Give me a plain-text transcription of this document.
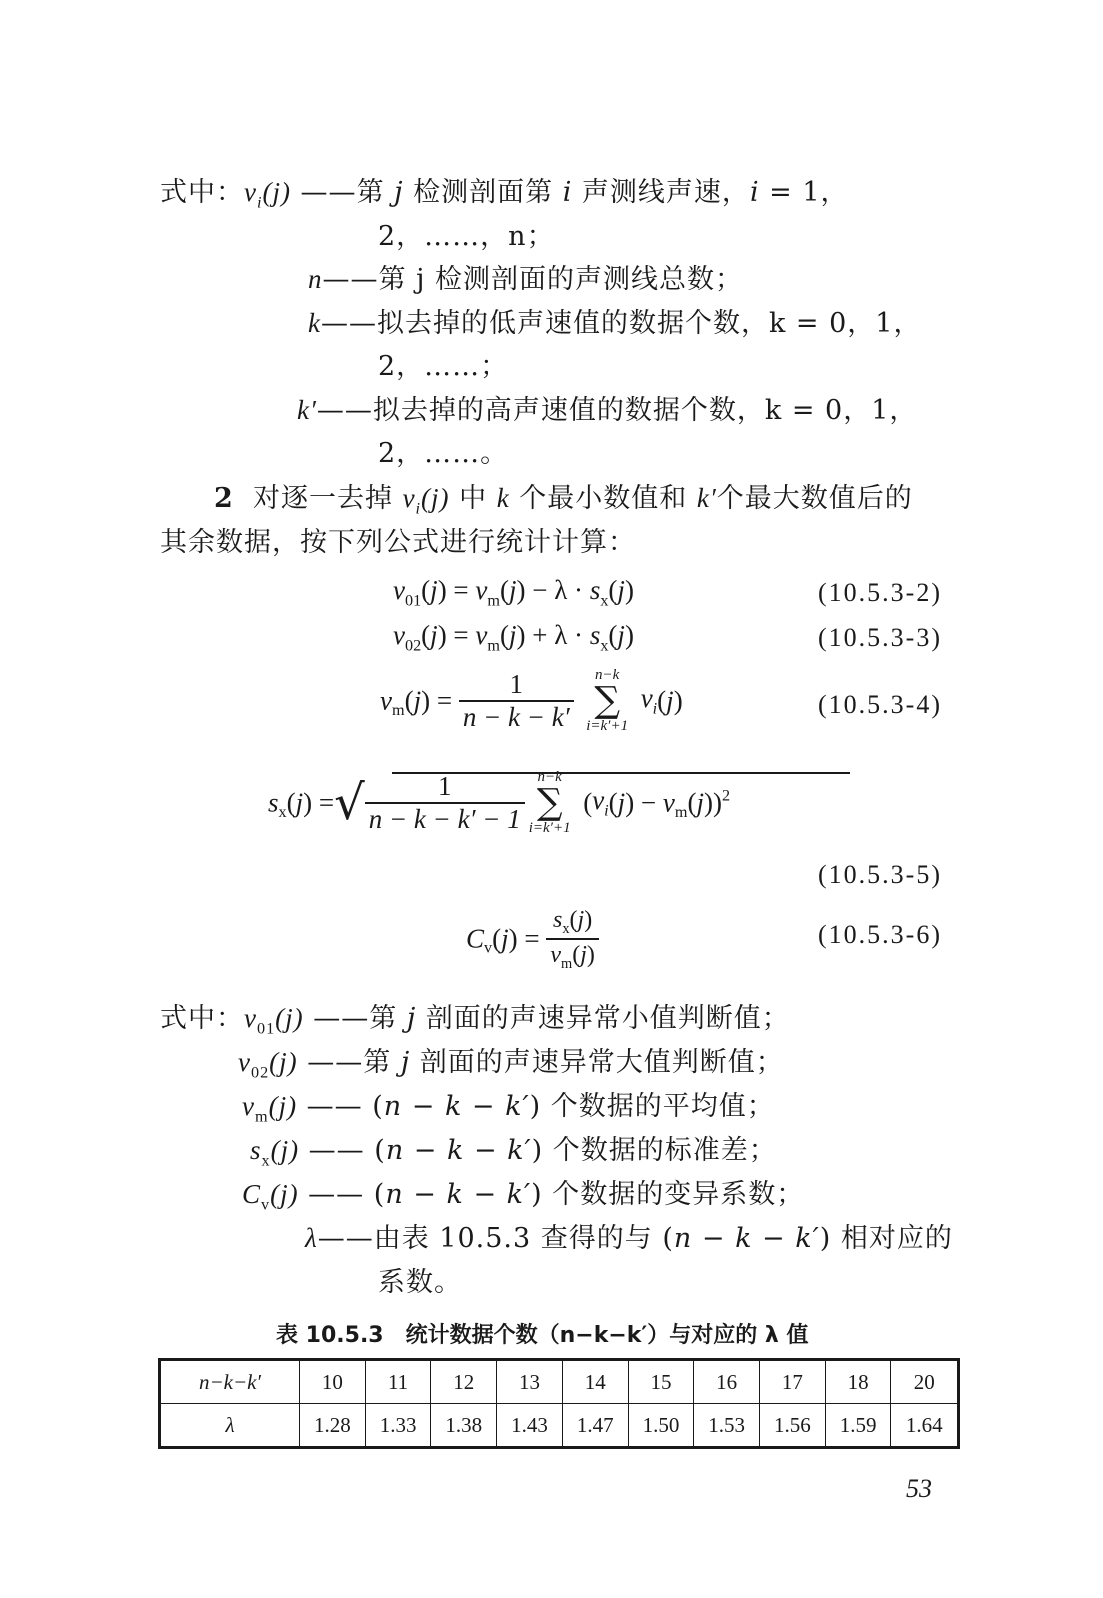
式中：$v_i(j)$ ——第 j 检测剖面第 i 声测线声速，i = 1，
2，……，n；
n——第 j 检测剖面的声测线总数；
k——拟去掉的低声速值的数据个数，k = 0，1，
2，……；
k′——拟去掉的高声速值的数据个数，k = 0，1，
2，……。
2  对逐一去掉 $v_i(j)$ 中 k 个最小数值和 k′个最大数值后的
其余数据，按下列公式进行统计计算：
$v_{01}(j) = v_m(j) - \lambda \cdot s_x(j)$	(10.5.3-2)
$v_{02}(j) = v_m(j) + \lambda \cdot s_x(j)$	(10.5.3-3)
$v_m(j) = \frac{1}{n - k - k'}$
	n−k
∑
i=k′+1
$v_i(j)$	(10.5.3-4)
$s_x(j)$ =√ $\frac{1}{n - k - k' - 1} n-k$
∑
i=k′+1
$(v_i(j) - v_m(j))^2$
(10.5.3-5)
$C_v(j) = \frac{s_x(j)}{v_m(j)}$	(10.5.3-6)
式中：$v_{01}(j)$ ——第 j 剖面的声速异常小值判断值；
$v_{02}(j)$ ——第 j 剖面的声速异常大值判断值；
$v_m(j)$ —— (n − k − k′) 个数据的平均值；
$s_x(j)$ —— (n − k − k′) 个数据的标准差；
$C_v(j)$ —— (n − k − k′) 个数据的变异系数；
λ——由表 10.5.3 查得的与 (n − k − k′) 相对应的
系数。
表 10.5.3　统计数据个数（n−k−k′）与对应的 λ 值
n−k−k′	10	11	12	13	14	15	16	17	18	20
λ	1.28	1.33	1.38	1.43	1.47	1.50	1.53	1.56	1.59	1.64
53
